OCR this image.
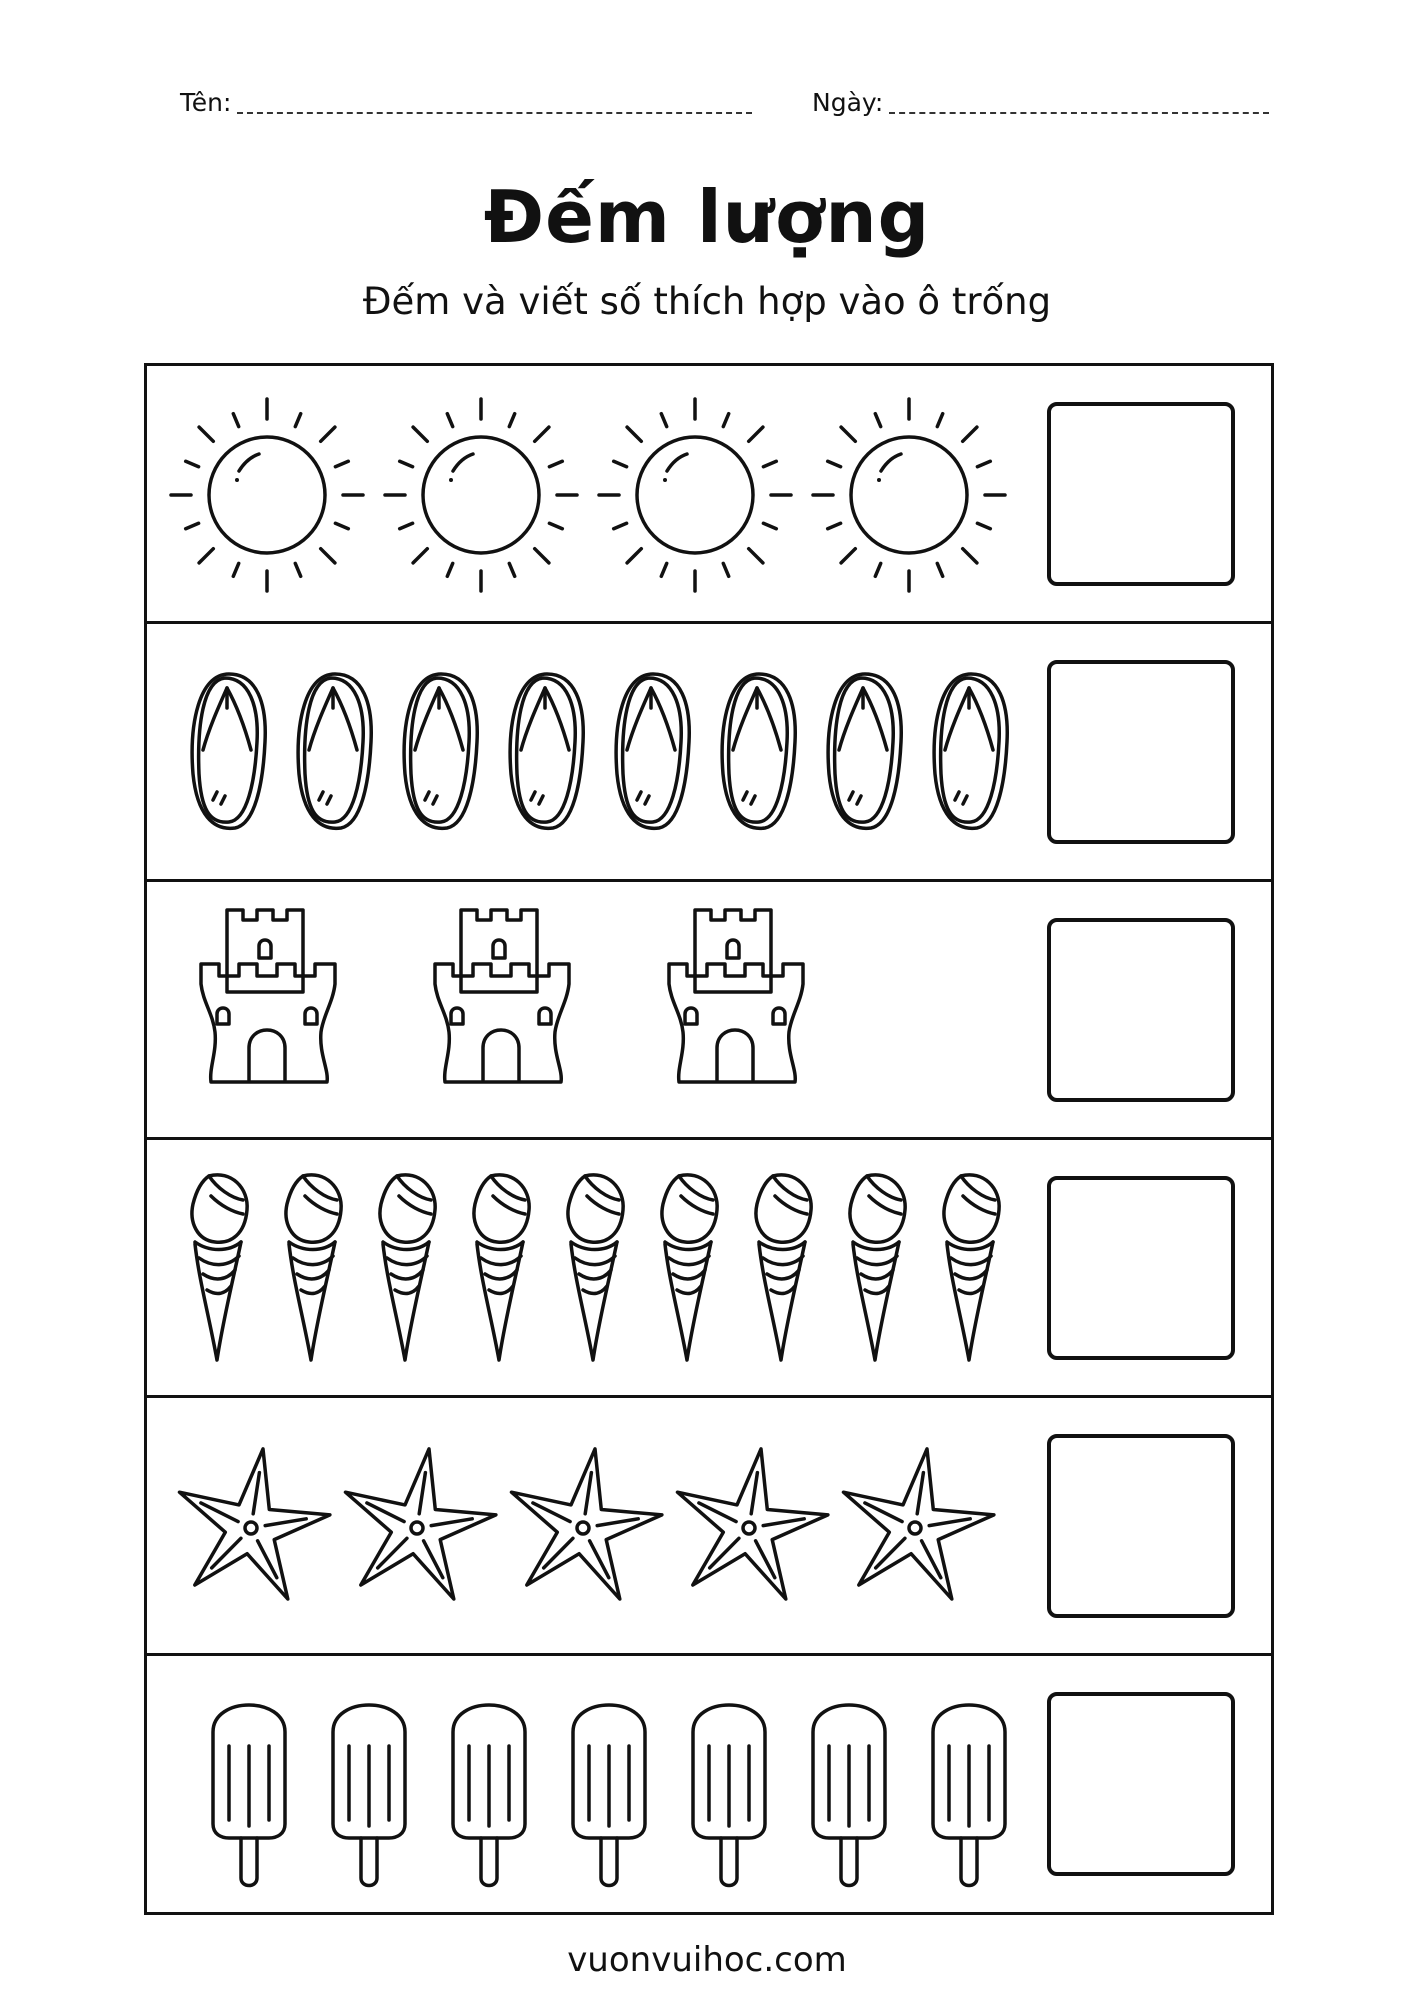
Tên:	Ngày:
Đếm lượng
Đếm và viết số thích hợp vào ô trống
vuonvuihoc.com
